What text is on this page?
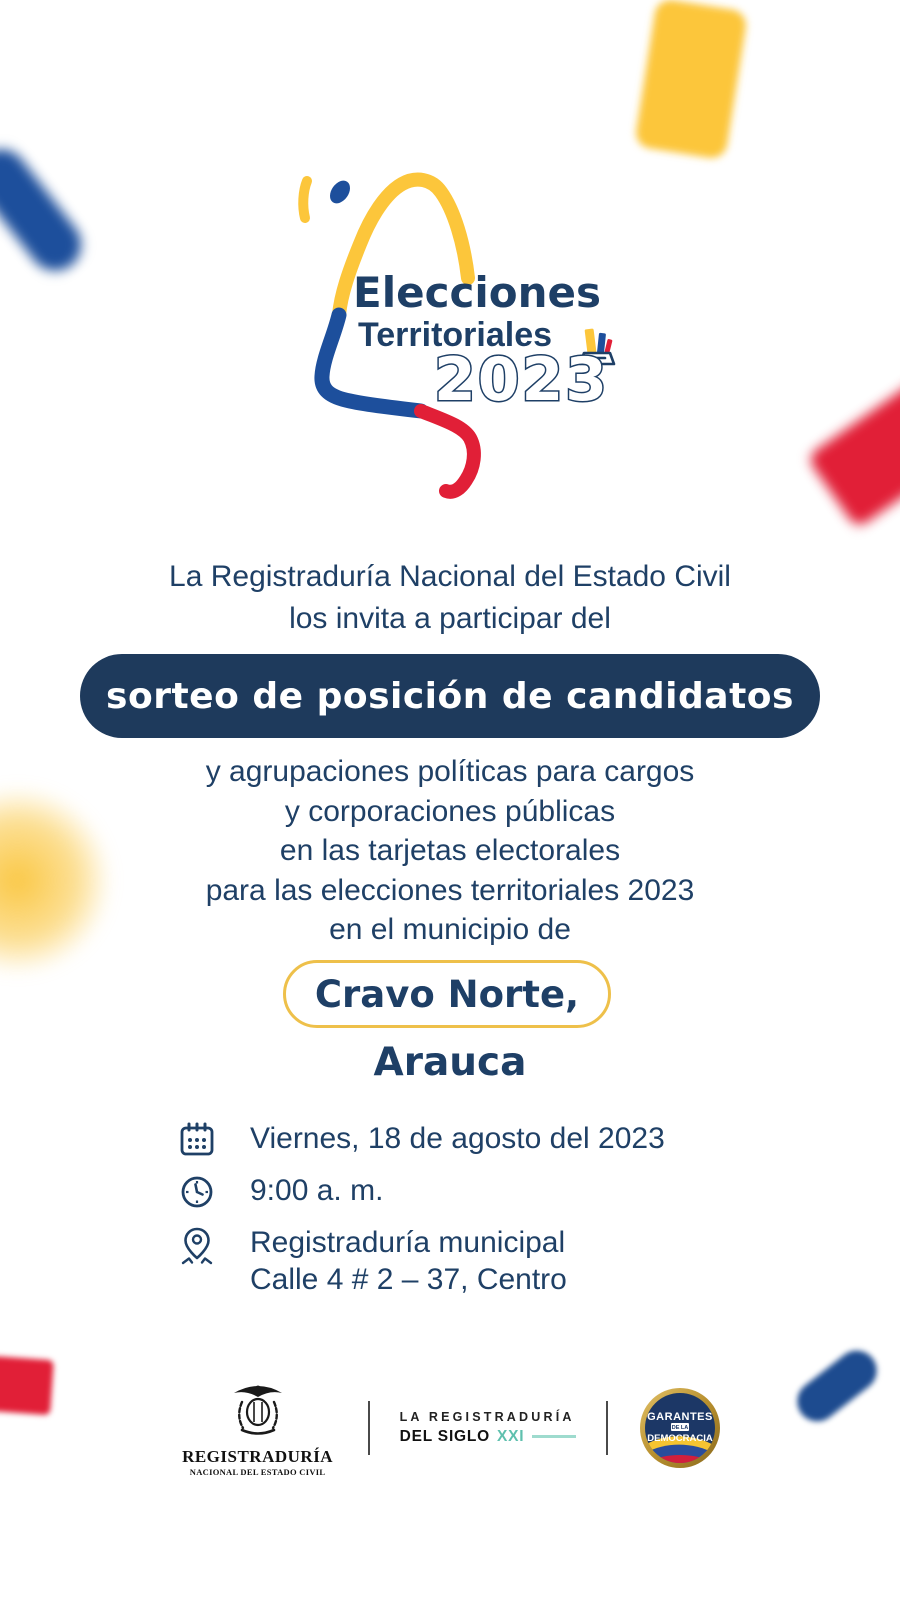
Elecciones
Territoriales
2023
La Registraduría Nacional del Estado Civil
los invita a participar del
sorteo de posición de candidatos
y agrupaciones políticas para cargos
y corporaciones públicas
en las tarjetas electorales
para las elecciones territoriales 2023
en el municipio de
Cravo Norte,
Arauca
Viernes, 18 de agosto del 2023
9:00 a. m.
Registraduría municipal
Calle 4 # 2 – 37, Centro
REGISTRADURÍA
NACIONAL DEL ESTADO CIVIL
LA REGISTRADURÍA
DEL SIGLO XXI
GARANTES
DE LA
DEMOCRACIA
